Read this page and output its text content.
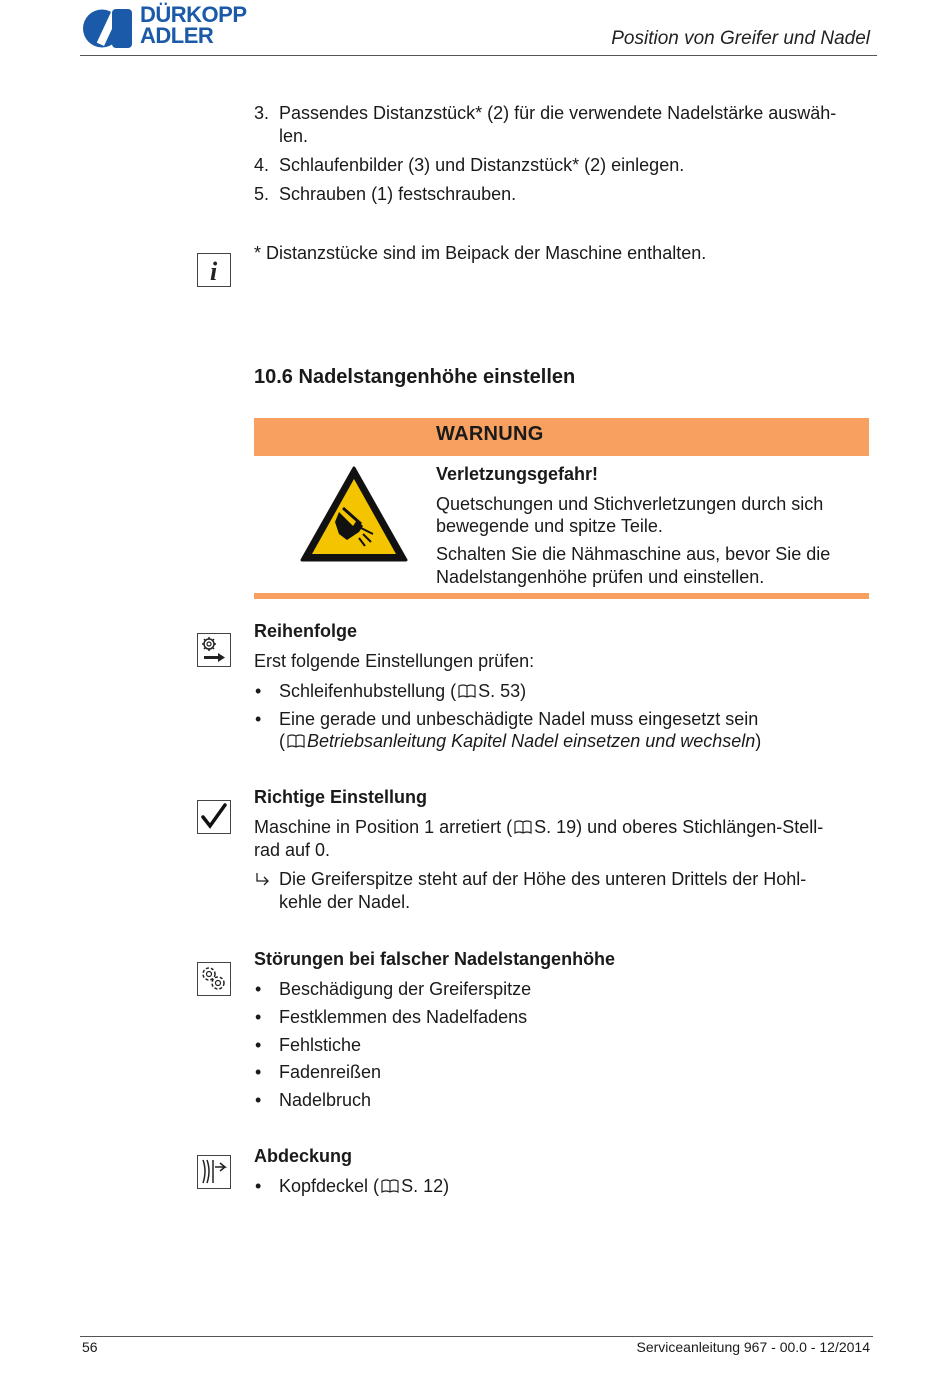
DÜRKOPP
ADLER	Position von Greifer und Nadel
3. Passendes Distanzstück* (2) für die verwendete Nadelstärke auswäh-
len.
4. Schlaufenbilder (3) und Distanzstück* (2) einlegen.
5. Schrauben (1) festschrauben.
i
* Distanzstücke sind im Beipack der Maschine enthalten.
10.6 Nadelstangenhöhe einstellen
WARNUNG
Verletzungsgefahr!
Quetschungen und Stichverletzungen durch sich
bewegende und spitze Teile.
Schalten Sie die Nähmaschine aus, bevor Sie die
Nadelstangenhöhe prüfen und einstellen.
Reihenfolge
Erst folgende Einstellungen prüfen:
• Schleifenhubstellung ( S. 53)
• Eine gerade und unbeschädigte Nadel muss eingesetzt sein
( Betriebsanleitung Kapitel Nadel einsetzen und wechseln)
Richtige Einstellung
Maschine in Position 1 arretiert ( S. 19) und oberes Stichlängen-Stell-
rad auf 0.
Die Greiferspitze steht auf der Höhe des unteren Drittels der Hohl-
kehle der Nadel.
Störungen bei falscher Nadelstangenhöhe
• Beschädigung der Greiferspitze
• Festklemmen des Nadelfadens
• Fehlstiche
• Fadenreißen
• Nadelbruch
Abdeckung
• Kopfdeckel ( S. 12)
56	Serviceanleitung 967 - 00.0 - 12/2014
